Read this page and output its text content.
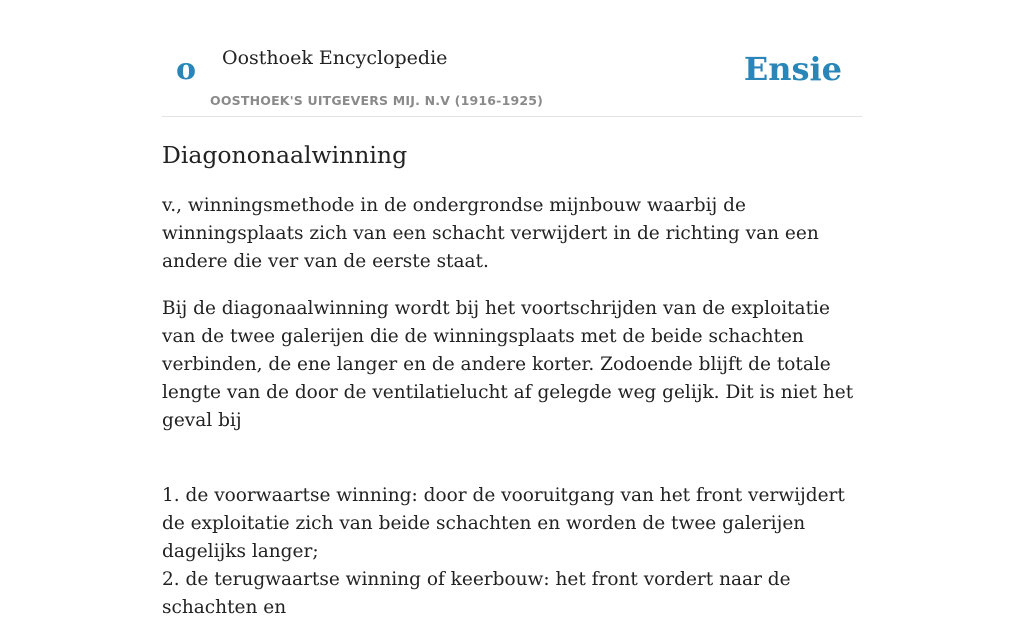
o Oosthoek Encyclopedie
OOSTHOEK'S UITGEVERS MIJ. N.V (1916-1925)
Ensie
Diagononaalwinning

v., winningsmethode in de ondergrondse mijnbouw waarbij de winningsplaats zich van een schacht verwijdert in de richting van een andere die ver van de eerste staat.

Bij de diagonaalwinning wordt bij het voortschrijden van de exploitatie van de twee galerijen die de winningsplaats met de beide schachten verbinden, de ene langer en de andere korter. Zodoende blijft de totale lengte van de door de ventilatielucht af gelegde weg gelijk. Dit is niet het geval bij

1. de voorwaartse winning: door de vooruitgang van het front verwijdert de exploitatie zich van beide schachten en worden de twee galerijen dagelijks langer;
2. de terugwaartse winning of keerbouw: het front vordert naar de schachten en
